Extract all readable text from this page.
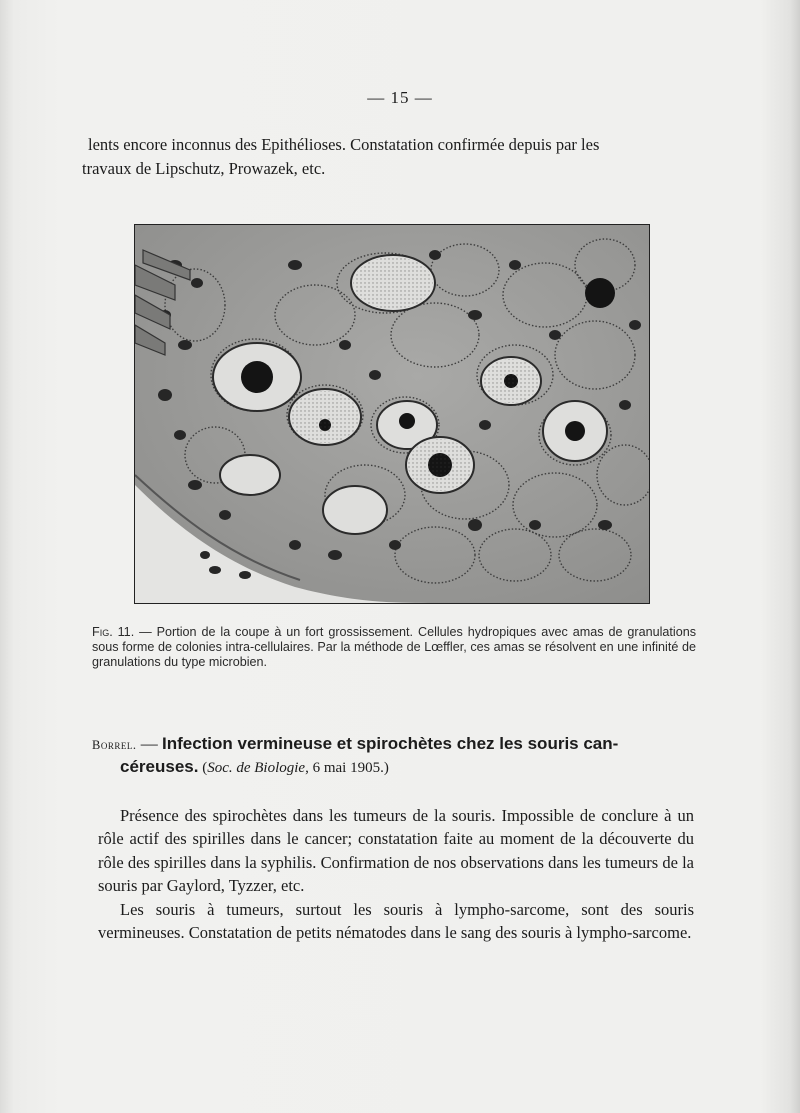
— 15 —
lents encore inconnus des Epithélioses. Constatation confirmée depuis par les
travaux de Lipschutz, Prowazek, etc.
Fig. 11. — Portion de la coupe à un fort grossissement. Cellules hydropiques avec amas de granulations sous forme de colonies intra-cellulaires. Par la méthode de Lœffler, ces amas se résolvent en une infinité de granulations du type microbien.
Borrel. — Infection vermineuse et spirochètes chez les souris can-
céreuses. (Soc. de Biologie, 6 mai 1905.)

Présence des spirochètes dans les tumeurs de la souris. Impossible de conclure à un rôle actif des spirilles dans le cancer; constatation faite au moment de la découverte du rôle des spirilles dans la syphilis. Confirmation de nos observations dans les tumeurs de la souris par Gaylord, Tyzzer, etc.

Les souris à tumeurs, surtout les souris à lympho-sarcome, sont des souris vermineuses. Constatation de petits nématodes dans le sang des souris à lympho-sarcome.
